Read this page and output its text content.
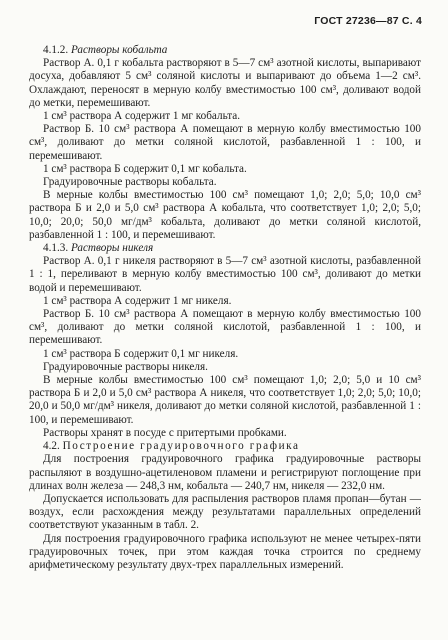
ГОСТ 27236—87 С. 4

4.1.2. Растворы кобальта

Раствор А. 0,1 г кобальта растворяют в 5—7 см³ азотной кислоты, выпаривают досуха, добавляют 5 см³ соляной кислоты и выпаривают до объема 1—2 см³. Охлаждают, переносят в мерную колбу вместимостью 100 см³, доливают водой до метки, перемешивают.

1 см³ раствора А содержит 1 мг кобальта.

Раствор Б. 10 см³ раствора А помещают в мерную колбу вместимостью 100 см³, доливают до метки соляной кислотой, разбавленной 1 : 100, и перемешивают.

1 см³ раствора Б содержит 0,1 мг кобальта.

Градуировочные растворы кобальта.

В мерные колбы вместимостью 100 см³ помещают 1,0; 2,0; 5,0; 10,0 см³ раствора Б и 2,0 и 5,0 см³ раствора А кобальта, что соответствует 1,0; 2,0; 5,0; 10,0; 20,0; 50,0 мг/дм³ кобальта, доливают до метки соляной кислотой, разбавленной 1 : 100, и перемешивают.

4.1.3. Растворы никеля

Раствор А. 0,1 г никеля растворяют в 5—7 см³ азотной кислоты, разбавленной 1 : 1, переливают в мерную колбу вместимостью 100 см³, доливают до метки водой и перемешивают.

1 см³ раствора А содержит 1 мг никеля.

Раствор Б. 10 см³ раствора А помещают в мерную колбу вместимостью 100 см³, доливают до метки соляной кислотой, разбавленной 1 : 100, и перемешивают.

1 см³ раствора Б содержит 0,1 мг никеля.

Градуировочные растворы никеля.

В мерные колбы вместимостью 100 см³ помещают 1,0; 2,0; 5,0 и 10 см³ раствора Б и 2,0 и 5,0 см³ раствора А никеля, что соответствует 1,0; 2,0; 5,0; 10,0; 20,0 и 50,0 мг/дм³ никеля, доливают до метки соляной кислотой, разбавленной 1 : 100, и перемешивают.

Растворы хранят в посуде с притертыми пробками.

4.2. Построение градуировочного графика

Для построения градуировочного графика градуировочные растворы распыляют в воздушно-ацетиленовом пламени и регистрируют поглощение при длинах волн железа — 248,3 нм, кобальта — 240,7 нм, никеля — 232,0 нм.

Допускается использовать для распыления растворов пламя пропан—бутан — воздух, если расхождения между результатами параллельных определений соответствуют указанным в табл. 2.

Для построения градуировочного графика используют не менее четырех-пяти градуировочных точек, при этом каждая точка строится по среднему арифметическому результату двух-трех параллельных измерений.
